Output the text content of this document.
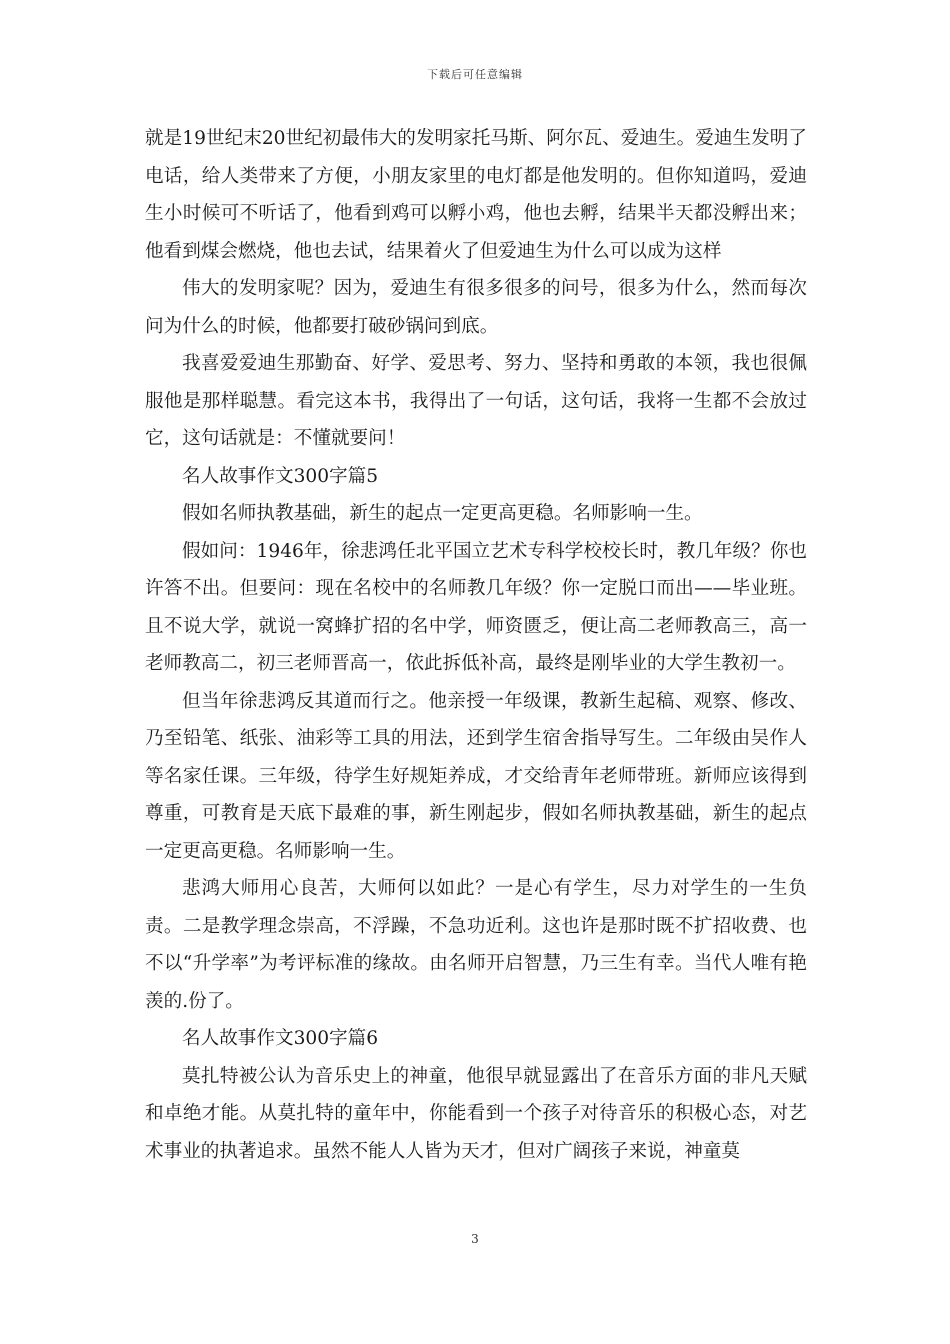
下载后可任意编辑

就是19世纪末20世纪初最伟大的发明家托马斯、阿尔瓦、爱迪生。爱迪生发明了电话，给人类带来了方便，小朋友家里的电灯都是他发明的。但你知道吗，爱迪生小时候可不听话了，他看到鸡可以孵小鸡，他也去孵，结果半天都没孵出来；他看到煤会燃烧，他也去试，结果着火了但爱迪生为什么可以成为这样

伟大的发明家呢？因为，爱迪生有很多很多的问号，很多为什么，然而每次问为什么的时候，他都要打破砂锅问到底。

我喜爱爱迪生那勤奋、好学、爱思考、努力、坚持和勇敢的本领，我也很佩服他是那样聪慧。看完这本书，我得出了一句话，这句话，我将一生都不会放过它，这句话就是：不懂就要问！

名人故事作文300字篇5

假如名师执教基础，新生的起点一定更高更稳。名师影响一生。

假如问：1946年，徐悲鸿任北平国立艺术专科学校校长时，教几年级？你也许答不出。但要问：现在名校中的名师教几年级？你一定脱口而出——毕业班。且不说大学，就说一窝蜂扩招的名中学，师资匮乏，便让高二老师教高三，高一老师教高二，初三老师晋高一，依此拆低补高，最终是刚毕业的大学生教初一。

但当年徐悲鸿反其道而行之。他亲授一年级课，教新生起稿、观察、修改、乃至铅笔、纸张、油彩等工具的用法，还到学生宿舍指导写生。二年级由吴作人等名家任课。三年级，待学生好规矩养成，才交给青年老师带班。新师应该得到尊重，可教育是天底下最难的事，新生刚起步，假如名师执教基础，新生的起点一定更高更稳。名师影响一生。

悲鸿大师用心良苦，大师何以如此？一是心有学生，尽力对学生的一生负责。二是教学理念崇高，不浮躁，不急功近利。这也许是那时既不扩招收费、也不以“升学率”为考评标准的缘故。由名师开启智慧，乃三生有幸。当代人唯有艳羡的.份了。

名人故事作文300字篇6

莫扎特被公认为音乐史上的神童，他很早就显露出了在音乐方面的非凡天赋和卓绝才能。从莫扎特的童年中，你能看到一个孩子对待音乐的积极心态，对艺术事业的执著追求。虽然不能人人皆为天才，但对广阔孩子来说，神童莫

3
